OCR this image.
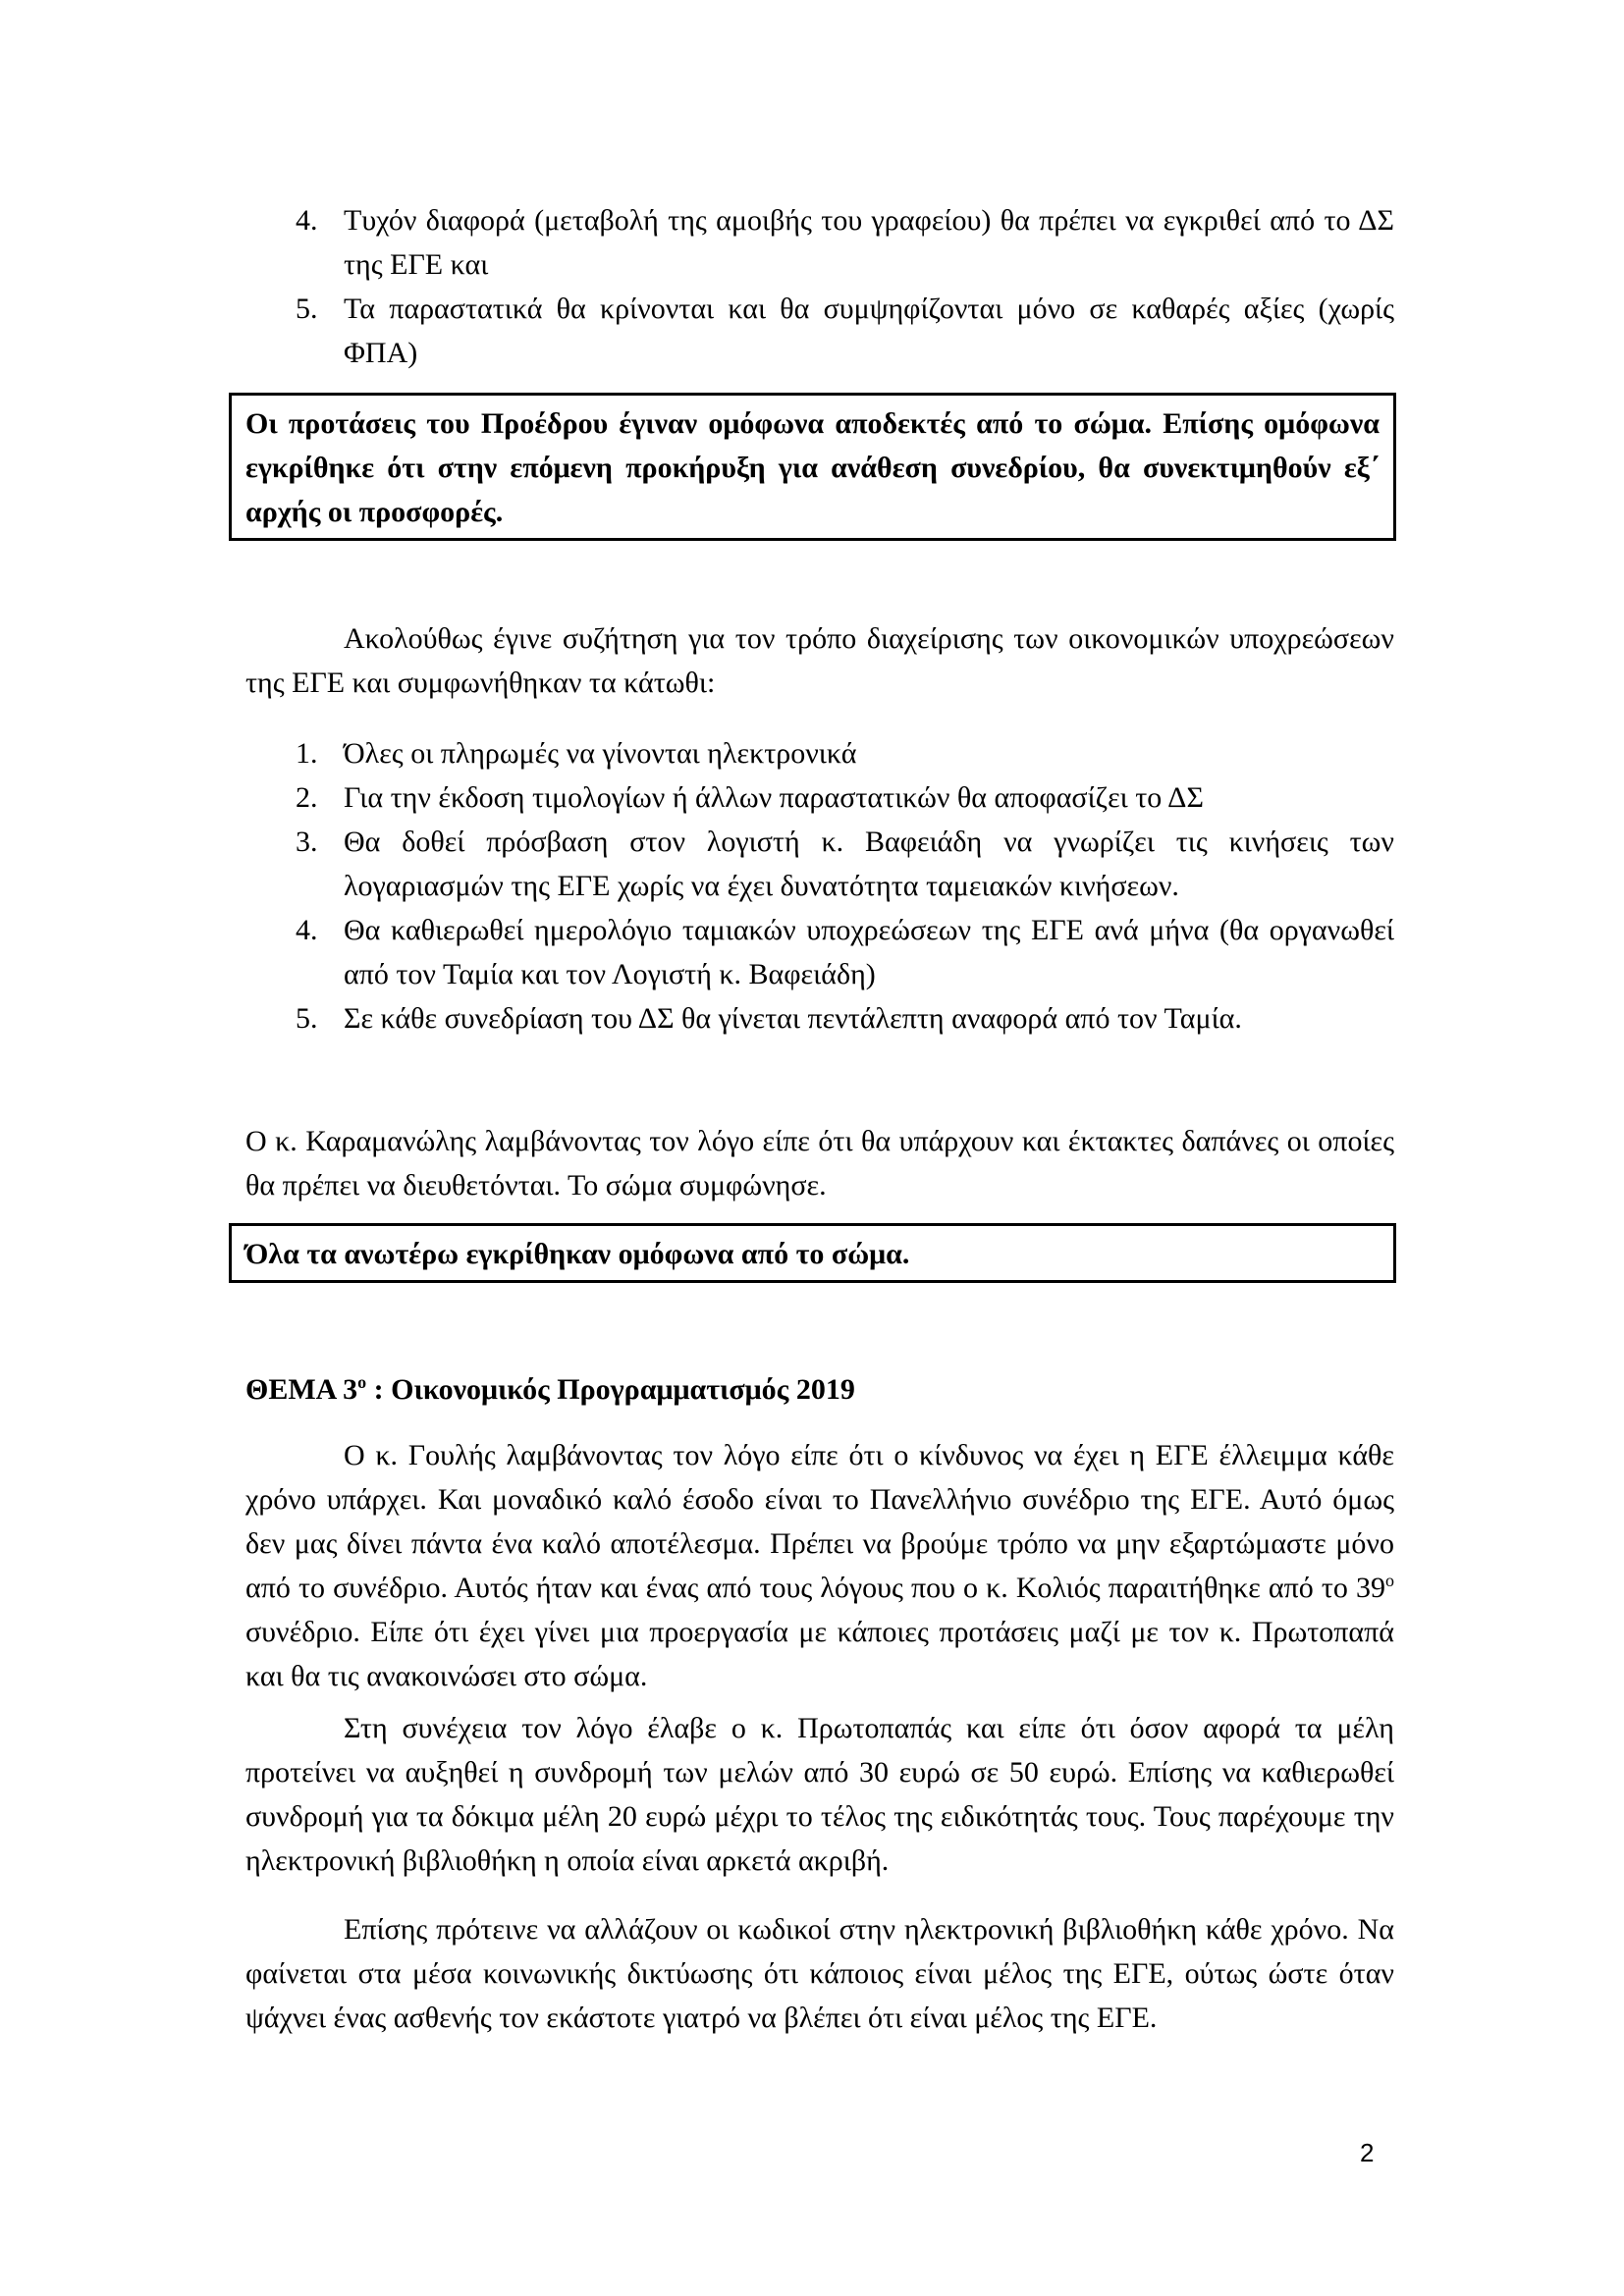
4. Τυχόν διαφορά (μεταβολή της αμοιβής του γραφείου) θα πρέπει να εγκριθεί από το ΔΣ της ΕΓΕ και
5. Τα παραστατικά θα κρίνονται και θα συμψηφίζονται μόνο σε καθαρές αξίες (χωρίς ΦΠΑ)
Οι προτάσεις του Προέδρου έγιναν ομόφωνα αποδεκτές από το σώμα. Επίσης ομόφωνα εγκρίθηκε ότι στην επόμενη προκήρυξη για ανάθεση συνεδρίου, θα συνεκτιμηθούν εξ΄ αρχής οι προσφορές.

Ακολούθως έγινε συζήτηση για τον τρόπο διαχείρισης των οικονομικών υποχρεώσεων της ΕΓΕ και συμφωνήθηκαν τα κάτωθι:

1. Όλες οι πληρωμές να γίνονται ηλεκτρονικά
2. Για την έκδοση τιμολογίων ή άλλων παραστατικών θα αποφασίζει το ΔΣ
3. Θα δοθεί πρόσβαση στον λογιστή κ. Βαφειάδη να γνωρίζει τις κινήσεις των λογαριασμών της ΕΓΕ χωρίς να έχει δυνατότητα ταμειακών κινήσεων.
4. Θα καθιερωθεί ημερολόγιο ταμιακών υποχρεώσεων της ΕΓΕ ανά μήνα (θα οργανωθεί από τον Ταμία και τον Λογιστή κ. Βαφειάδη)
5. Σε κάθε συνεδρίαση του ΔΣ θα γίνεται πεντάλεπτη αναφορά από τον Ταμία.

Ο κ. Καραμανώλης λαμβάνοντας τον λόγο είπε ότι θα υπάρχουν και έκτακτες δαπάνες οι οποίες θα πρέπει να διευθετόνται. Το σώμα συμφώνησε.

Όλα τα ανωτέρω εγκρίθηκαν ομόφωνα από το σώμα.
ΘΕΜΑ $3^o$ : Οικονομικός Προγραμματισμός 2019

Ο κ. Γουλής λαμβάνοντας τον λόγο είπε ότι ο κίνδυνος να έχει η ΕΓΕ έλλειμμα κάθε χρόνο υπάρχει. Και μοναδικό καλό έσοδο είναι το Πανελλήνιο συνέδριο της ΕΓΕ. Αυτό όμως δεν μας δίνει πάντα ένα καλό αποτέλεσμα. Πρέπει να βρούμε τρόπο να μην εξαρτώμαστε μόνο από το συνέδριο. Αυτός ήταν και ένας από τους λόγους που ο κ. Κολιός παραιτήθηκε από το $39^o$ συνέδριο. Είπε ότι έχει γίνει μια προεργασία με κάποιες προτάσεις μαζί με τον κ. Πρωτοπαπά και θα τις ανακοινώσει στο σώμα.

Στη συνέχεια τον λόγο έλαβε ο κ. Πρωτοπαπάς και είπε ότι όσον αφορά τα μέλη προτείνει να αυξηθεί η συνδρομή των μελών από 30 ευρώ σε 50 ευρώ. Επίσης να καθιερωθεί συνδρομή για τα δόκιμα μέλη 20 ευρώ μέχρι το τέλος της ειδικότητάς τους. Τους παρέχουμε την ηλεκτρονική βιβλιοθήκη η οποία είναι αρκετά ακριβή.

Επίσης πρότεινε να αλλάζουν οι κωδικοί στην ηλεκτρονική βιβλιοθήκη κάθε χρόνο. Να φαίνεται στα μέσα κοινωνικής δικτύωσης ότι κάποιος είναι μέλος της ΕΓΕ, ούτως ώστε όταν ψάχνει ένας ασθενής τον εκάστοτε γιατρό να βλέπει ότι είναι μέλος της ΕΓΕ.

2
